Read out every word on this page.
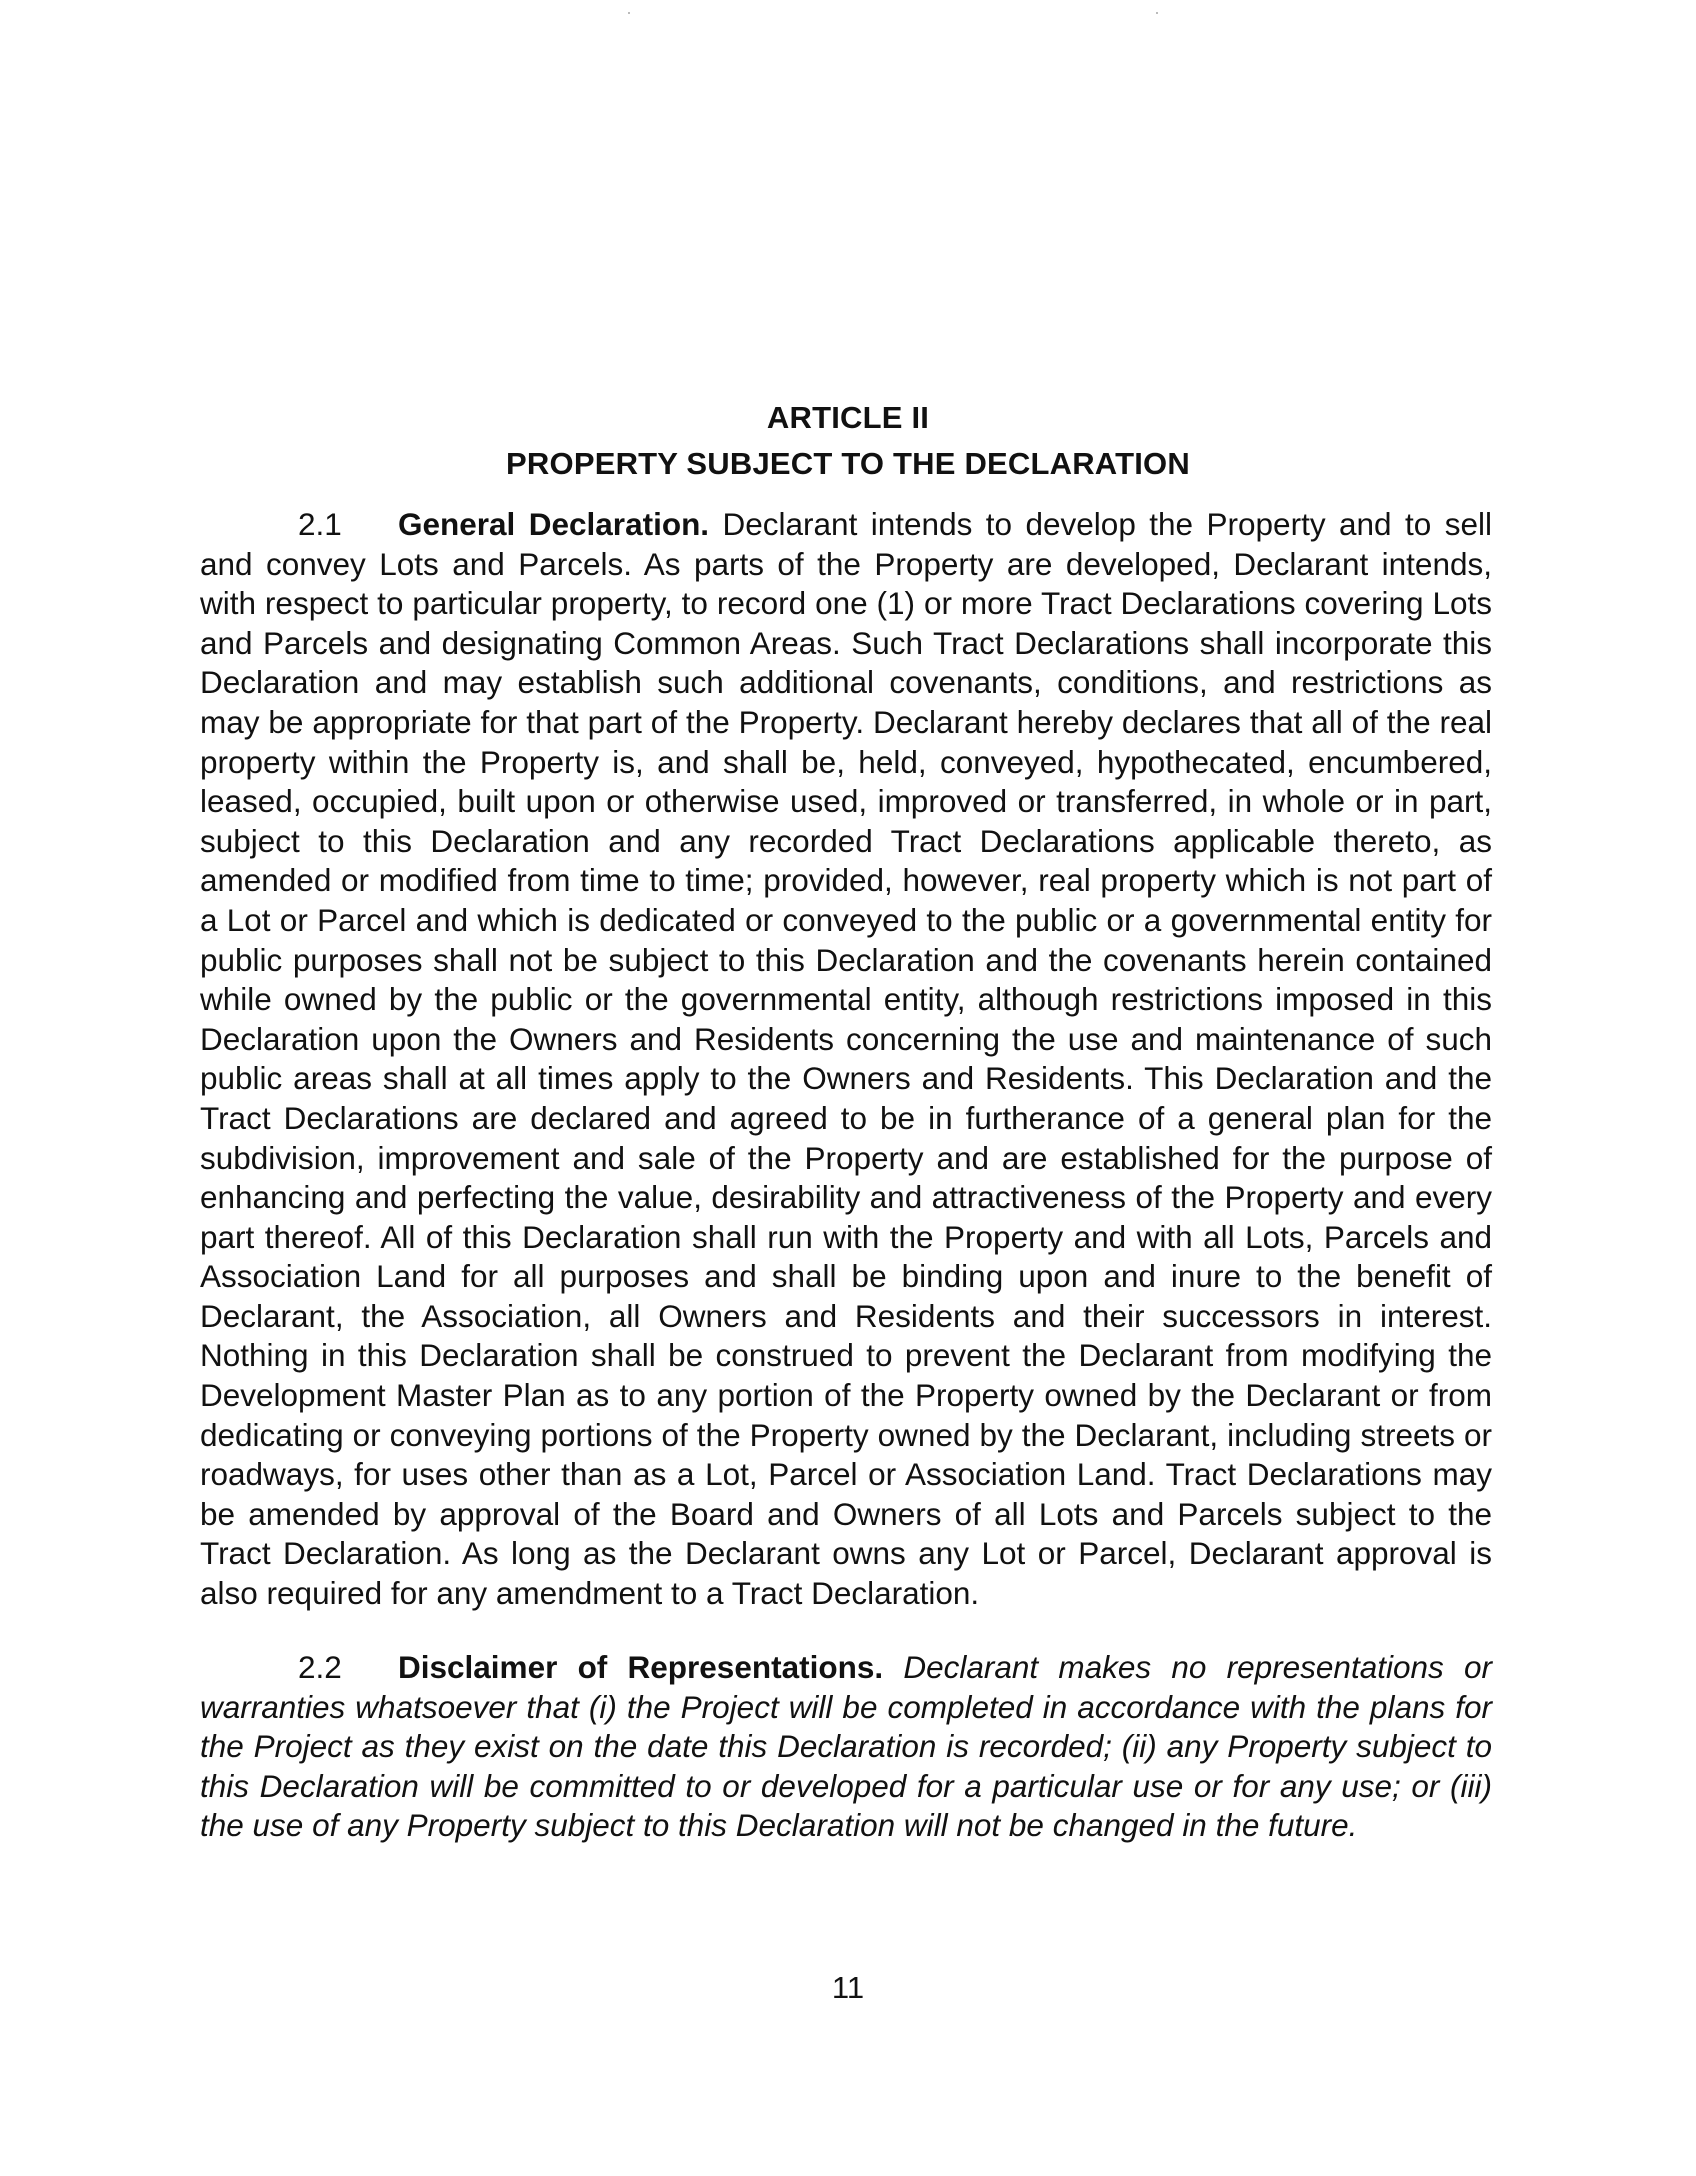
ARTICLE II
PROPERTY SUBJECT TO THE DECLARATION

2.1 General Declaration. Declarant intends to develop the Property and to sell and convey Lots and Parcels. As parts of the Property are developed, Declarant intends, with respect to particular property, to record one (1) or more Tract Declarations covering Lots and Parcels and designating Common Areas. Such Tract Declarations shall incorporate this Declaration and may establish such additional covenants, conditions, and restrictions as may be appropriate for that part of the Property. Declarant hereby declares that all of the real property within the Property is, and shall be, held, conveyed, hypothecated, encumbered, leased, occupied, built upon or otherwise used, improved or transferred, in whole or in part, subject to this Declaration and any recorded Tract Declarations applicable thereto, as amended or modified from time to time; provided, however, real property which is not part of a Lot or Parcel and which is dedicated or conveyed to the public or a governmental entity for public purposes shall not be subject to this Declaration and the covenants herein contained while owned by the public or the governmental entity, although restrictions imposed in this Declaration upon the Owners and Residents concerning the use and maintenance of such public areas shall at all times apply to the Owners and Residents. This Declaration and the Tract Declarations are declared and agreed to be in furtherance of a general plan for the subdivision, improvement and sale of the Property and are established for the purpose of enhancing and perfecting the value, desirability and attractiveness of the Property and every part thereof. All of this Declaration shall run with the Property and with all Lots, Parcels and Association Land for all purposes and shall be binding upon and inure to the benefit of Declarant, the Association, all Owners and Residents and their successors in interest. Nothing in this Declaration shall be construed to prevent the Declarant from modifying the Development Master Plan as to any portion of the Property owned by the Declarant or from dedicating or conveying portions of the Property owned by the Declarant, including streets or roadways, for uses other than as a Lot, Parcel or Association Land. Tract Declarations may be amended by approval of the Board and Owners of all Lots and Parcels subject to the Tract Declaration. As long as the Declarant owns any Lot or Parcel, Declarant approval is also required for any amendment to a Tract Declaration.

2.2 Disclaimer of Representations. Declarant makes no representations or warranties whatsoever that (i) the Project will be completed in accordance with the plans for the Project as they exist on the date this Declaration is recorded; (ii) any Property subject to this Declaration will be committed to or developed for a particular use or for any use; or (iii) the use of any Property subject to this Declaration will not be changed in the future.

11
